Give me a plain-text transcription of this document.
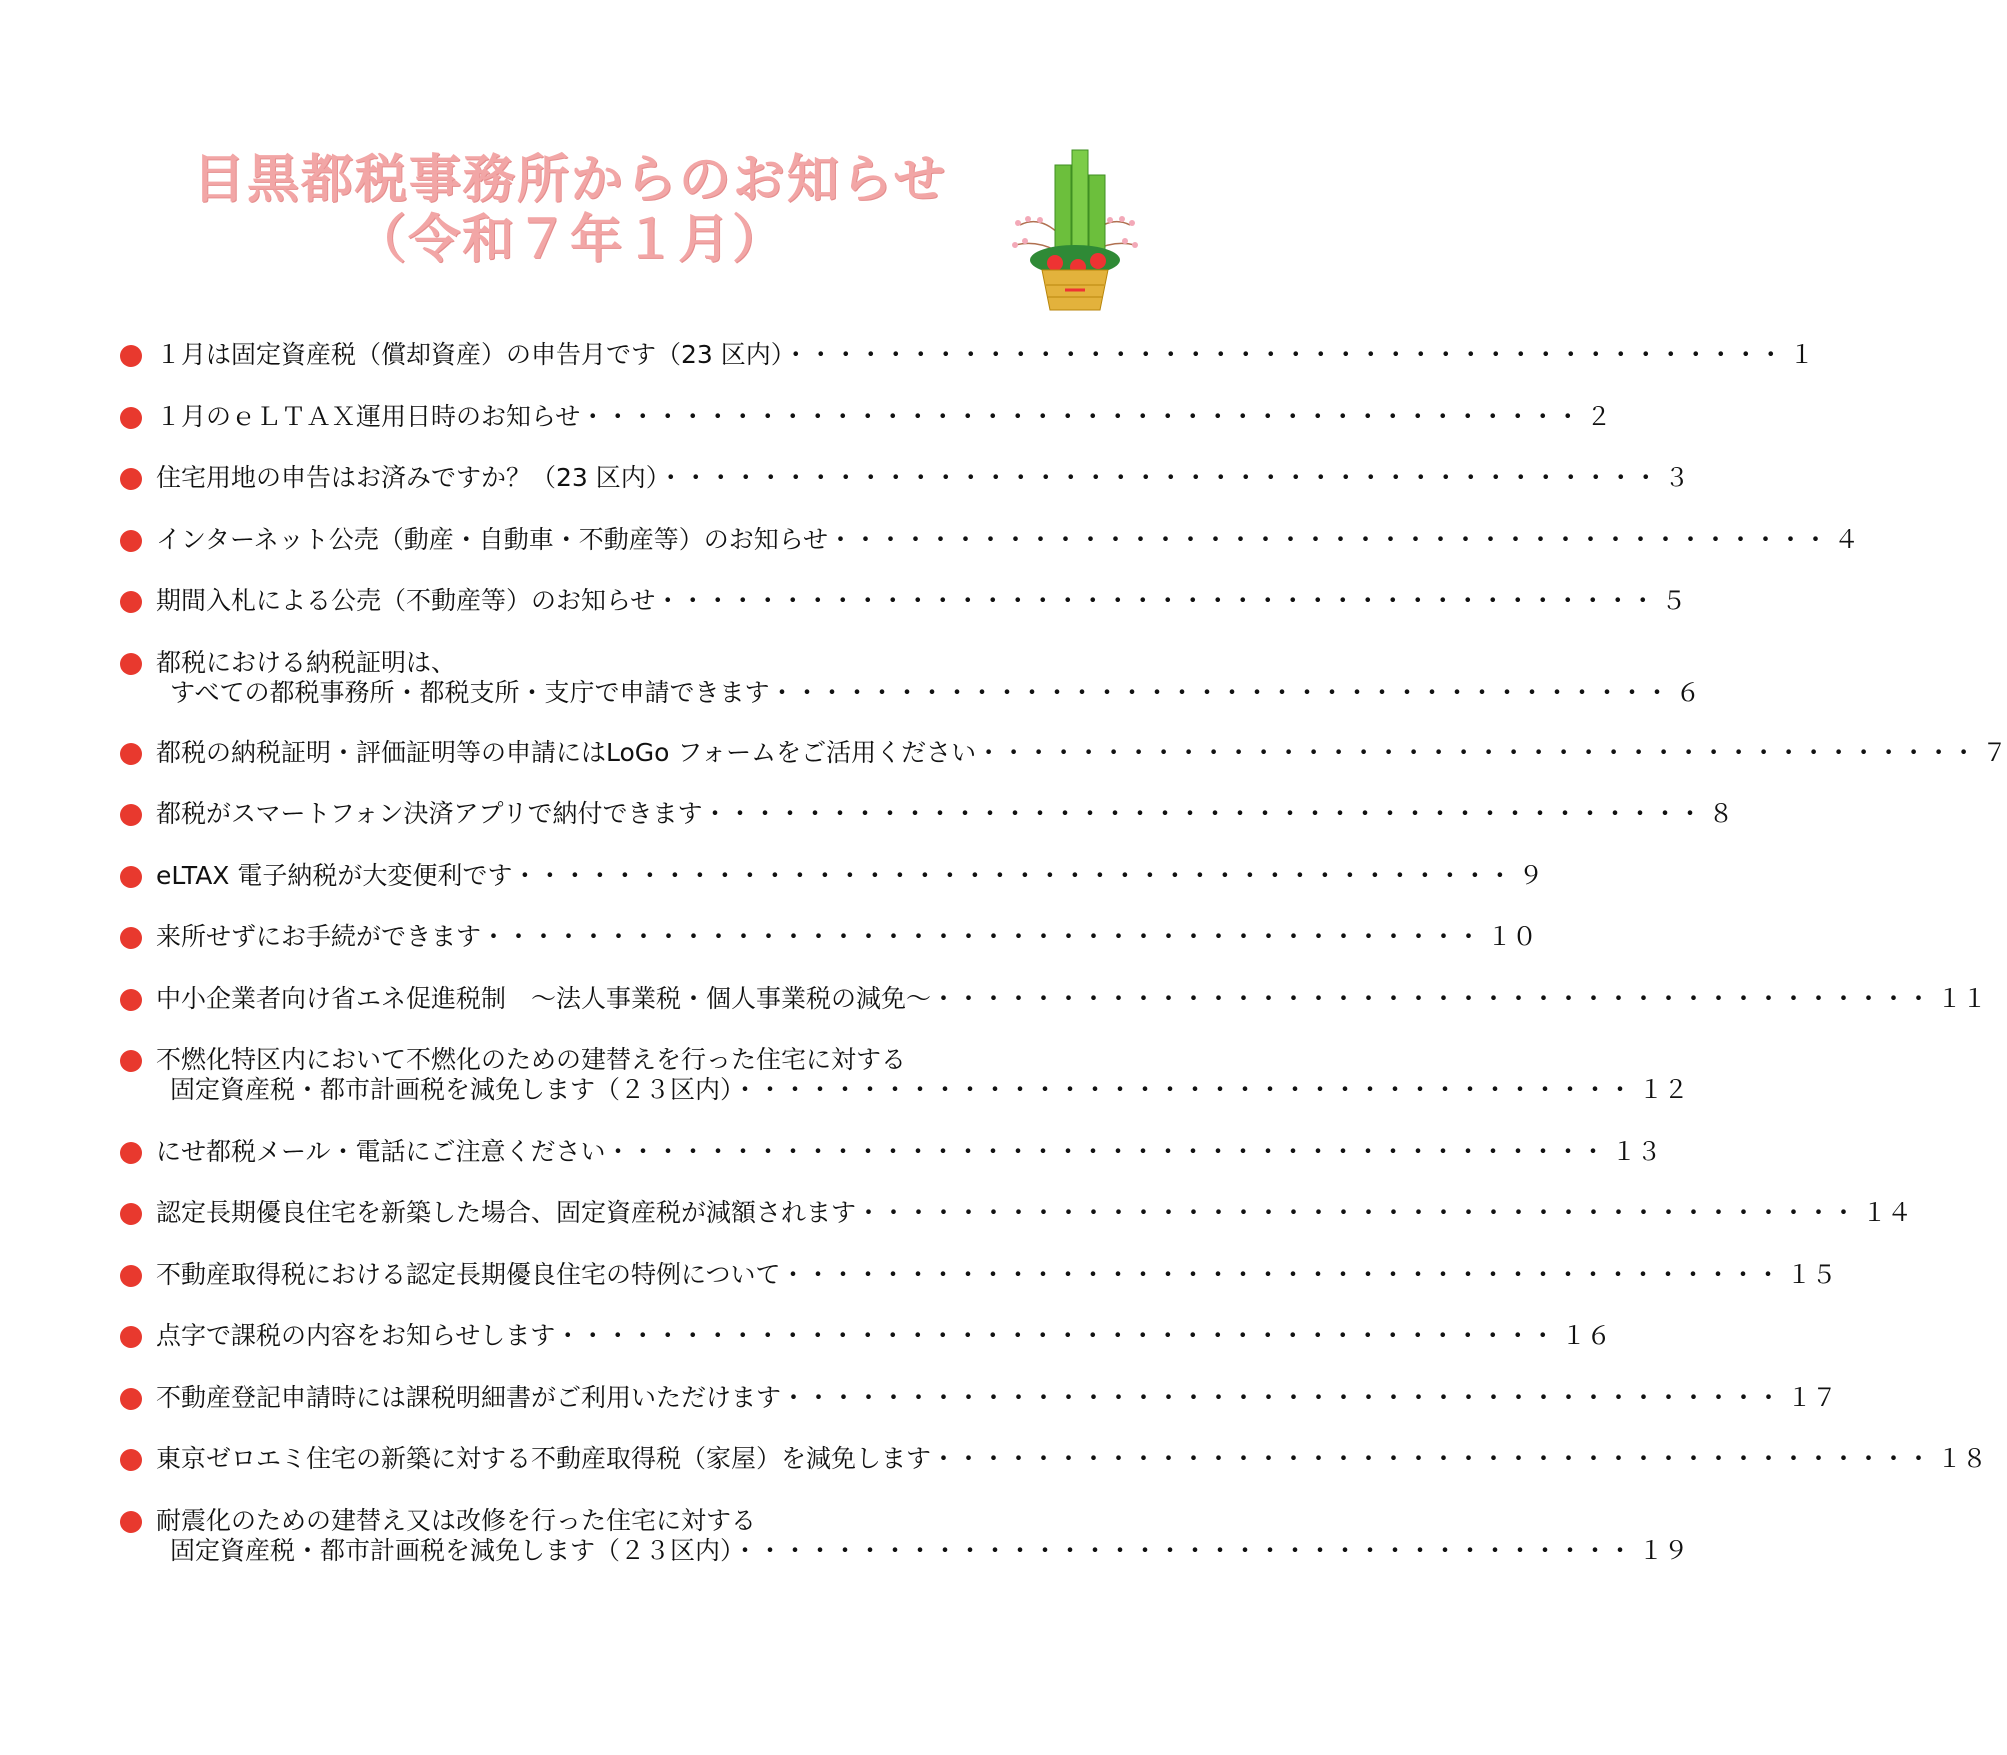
目黒都税事務所からのお知らせ
（令和７年１月）
１月は固定資産税（償却資産）の申告月です（23 区内）・・・・・・・・・・・・・・・・・・・・・・・・・・・・・・・・・・・・・・・・ １
１月のｅＬＴＡＸ運用日時のお知らせ・・・・・・・・・・・・・・・・・・・・・・・・・・・・・・・・・・・・・・・・ ２
住宅用地の申告はお済みですか？（23 区内）・・・・・・・・・・・・・・・・・・・・・・・・・・・・・・・・・・・・・・・・ ３
インターネット公売（動産・自動車・不動産等）のお知らせ・・・・・・・・・・・・・・・・・・・・・・・・・・・・・・・・・・・・・・・・ ４
期間入札による公売（不動産等）のお知らせ・・・・・・・・・・・・・・・・・・・・・・・・・・・・・・・・・・・・・・・・ ５
都税における納税証明は、
すべての都税事務所・都税支所・支庁で申請できます・・・・・・・・・・・・・・・・・・・・・・・・・・・・・・・・・・・・ ６
都税の納税証明・評価証明等の申請にはLoGo フォームをご活用ください・・・・・・・・・・・・・・・・・・・・・・・・・・・・・・・・・・・・・・・・ ７
都税がスマートフォン決済アプリで納付できます・・・・・・・・・・・・・・・・・・・・・・・・・・・・・・・・・・・・・・・・ ８
eLTAX 電子納税が大変便利です・・・・・・・・・・・・・・・・・・・・・・・・・・・・・・・・・・・・・・・・ ９
来所せずにお手続ができます・・・・・・・・・・・・・・・・・・・・・・・・・・・・・・・・・・・・・・・・ １０
中小企業者向け省エネ促進税制　～法人事業税・個人事業税の減免～・・・・・・・・・・・・・・・・・・・・・・・・・・・・・・・・・・・・・・・・ １１
不燃化特区内において不燃化のための建替えを行った住宅に対する
固定資産税・都市計画税を減免します（２３区内）・・・・・・・・・・・・・・・・・・・・・・・・・・・・・・・・・・・・ １２
にせ都税メール・電話にご注意ください・・・・・・・・・・・・・・・・・・・・・・・・・・・・・・・・・・・・・・・・ １３
認定長期優良住宅を新築した場合、固定資産税が減額されます・・・・・・・・・・・・・・・・・・・・・・・・・・・・・・・・・・・・・・・・ １４
不動産取得税における認定長期優良住宅の特例について・・・・・・・・・・・・・・・・・・・・・・・・・・・・・・・・・・・・・・・・ １５
点字で課税の内容をお知らせします・・・・・・・・・・・・・・・・・・・・・・・・・・・・・・・・・・・・・・・・ １６
不動産登記申請時には課税明細書がご利用いただけます・・・・・・・・・・・・・・・・・・・・・・・・・・・・・・・・・・・・・・・・ １７
東京ゼロエミ住宅の新築に対する不動産取得税（家屋）を減免します・・・・・・・・・・・・・・・・・・・・・・・・・・・・・・・・・・・・・・・・ １８
耐震化のための建替え又は改修を行った住宅に対する
固定資産税・都市計画税を減免します（２３区内）・・・・・・・・・・・・・・・・・・・・・・・・・・・・・・・・・・・・ １９
